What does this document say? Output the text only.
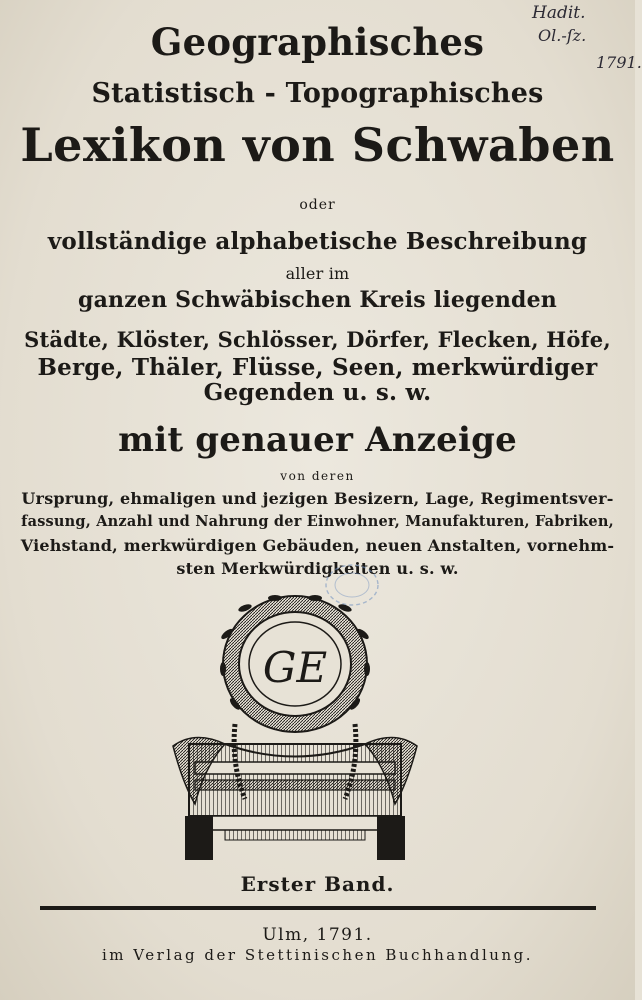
Hadit.
Ol.-ſz.
1791.
Geographisches
Statistisch - Topographisches
Lexikon von Schwaben
oder
vollständige alphabetische Beschreibung
aller im
ganzen Schwäbischen Kreis liegenden
Städte, Klöster, Schlösser, Dörfer, Flecken, Höfe,
Berge, Thäler, Flüsse, Seen, merkwürdiger
Gegenden u. s. w.
mit genauer Anzeige
von deren
Ursprung, ehmaligen und jezigen Besizern, Lage, Regimentsver-
fassung, Anzahl und Nahrung der Einwohner, Manufakturen, Fabriken,
Viehstand, merkwürdigen Gebäuden, neuen Anstalten, vornehm-
sten Merkwürdigkeiten u. s. w.
GE
Erster Band.
Ulm, 1791.
im Verlag der Stettinischen Buchhandlung.
